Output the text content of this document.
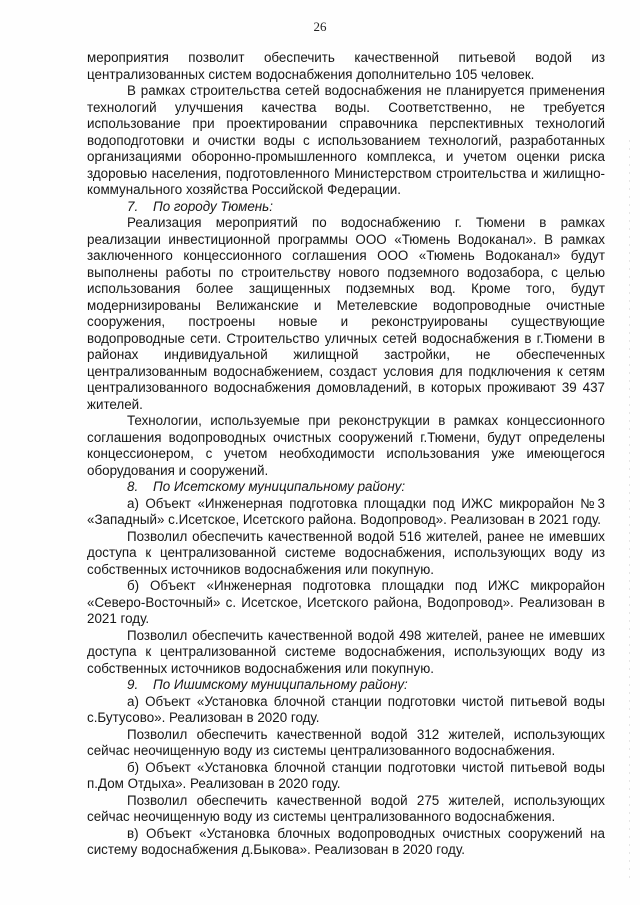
26

мероприятия позволит обеспечить качественной питьевой водой из централизованных систем водоснабжения дополнительно 105 человек.

В рамках строительства сетей водоснабжения не планируется применения технологий улучшения качества воды. Соответственно, не требуется использование при проектировании справочника перспективных технологий водоподготовки и очистки воды с использованием технологий, разработанных организациями оборонно-промышленного комплекса, и учетом оценки риска здоровью населения, подготовленного Министерством строительства и жилищно-коммунального хозяйства Российской Федерации.

7.    По городу Тюмень:

Реализация мероприятий по водоснабжению г. Тюмени в рамках реализации инвестиционной программы ООО «Тюмень Водоканал». В рамках заключенного концессионного соглашения ООО «Тюмень Водоканал» будут выполнены работы по строительству нового подземного водозабора, с целью использования более защищенных подземных вод. Кроме того, будут модернизированы Велижанские и Метелевские водопроводные очистные сооружения, построены новые и реконструированы существующие водопроводные сети. Строительство уличных сетей водоснабжения в г.Тюмени в районах индивидуальной жилищной застройки, не обеспеченных централизованным водоснабжением, создаст условия для подключения к сетям централизованного водоснабжения домовладений, в которых проживают 39 437 жителей.

Технологии, используемые при реконструкции в рамках концессионного соглашения водопроводных очистных сооружений г.Тюмени, будут определены концессионером, с учетом необходимости использования уже имеющегося оборудования и сооружений.

8.    По Исетскому муниципальному району:

а) Объект «Инженерная подготовка площадки под ИЖС микрорайон №3 «Западный» с.Исетское, Исетского района. Водопровод». Реализован в 2021 году.

Позволил обеспечить качественной водой 516 жителей, ранее не имевших доступа к централизованной системе водоснабжения, использующих воду из собственных источников водоснабжения или покупную.

б) Объект «Инженерная подготовка площадки под ИЖС микрорайон «Северо-Восточный» с. Исетское, Исетского района, Водопровод». Реализован в 2021 году.

Позволил обеспечить качественной водой 498 жителей, ранее не имевших доступа к централизованной системе водоснабжения, использующих воду из собственных источников водоснабжения или покупную.

9.    По Ишимскому муниципальному району:

а) Объект «Установка блочной станции подготовки чистой питьевой воды с.Бутусово». Реализован в 2020 году.

Позволил обеспечить качественной водой 312 жителей, использующих сейчас неочищенную воду из системы централизованного водоснабжения.

б) Объект «Установка блочной станции подготовки чистой питьевой воды п.Дом Отдыха». Реализован в 2020 году.

Позволил обеспечить качественной водой 275 жителей, использующих сейчас неочищенную воду из системы централизованного водоснабжения.

в) Объект «Установка блочных водопроводных очистных сооружений на систему водоснабжения д.Быкова». Реализован в 2020 году.
